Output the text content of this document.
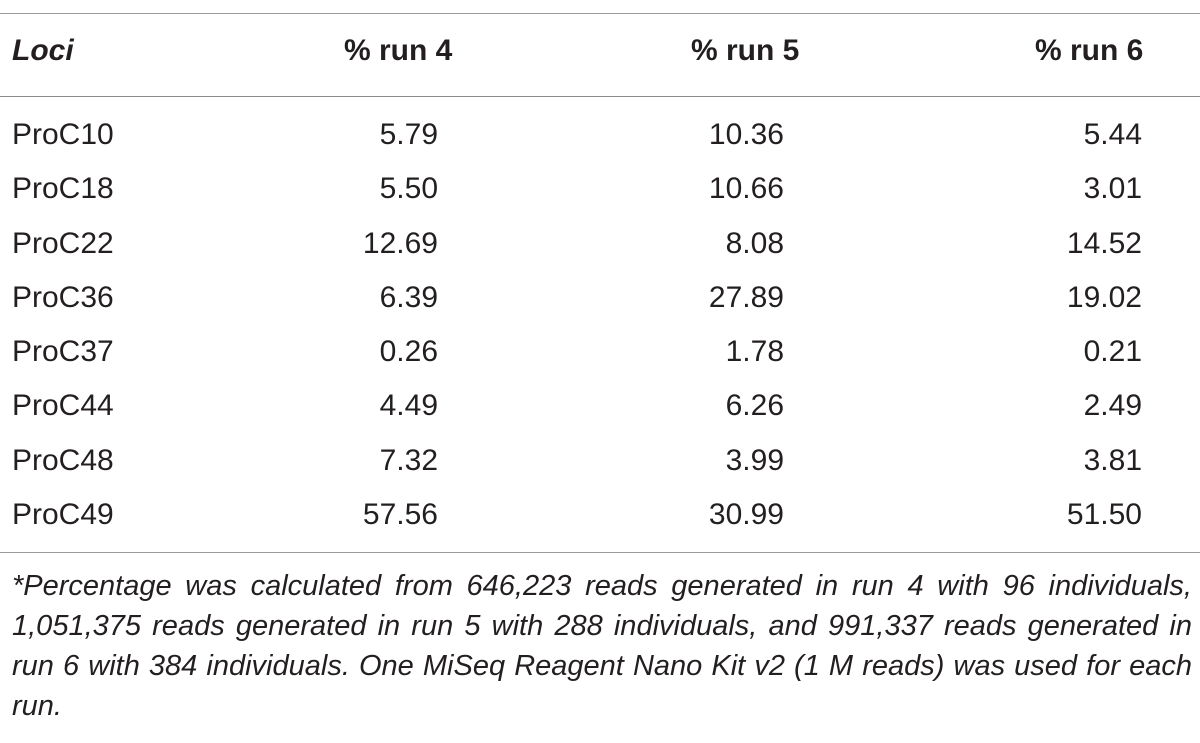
Loci	% run 4	% run 5	% run 6
ProC10	5.79	10.36	5.44
ProC18	5.50	10.66	3.01
ProC22	12.69	8.08	14.52
ProC36	6.39	27.89	19.02
ProC37	0.26	1.78	0.21
ProC44	4.49	6.26	2.49
ProC48	7.32	3.99	3.81
ProC49	57.56	30.99	51.50
*Percentage was calculated from 646,223 reads generated in run 4 with 96 individuals, 1,051,375 reads generated in run 5 with 288 individuals, and 991,337 reads generated in run 6 with 384 individuals. One MiSeq Reagent Nano Kit v2 (1 M reads) was used for each run.
